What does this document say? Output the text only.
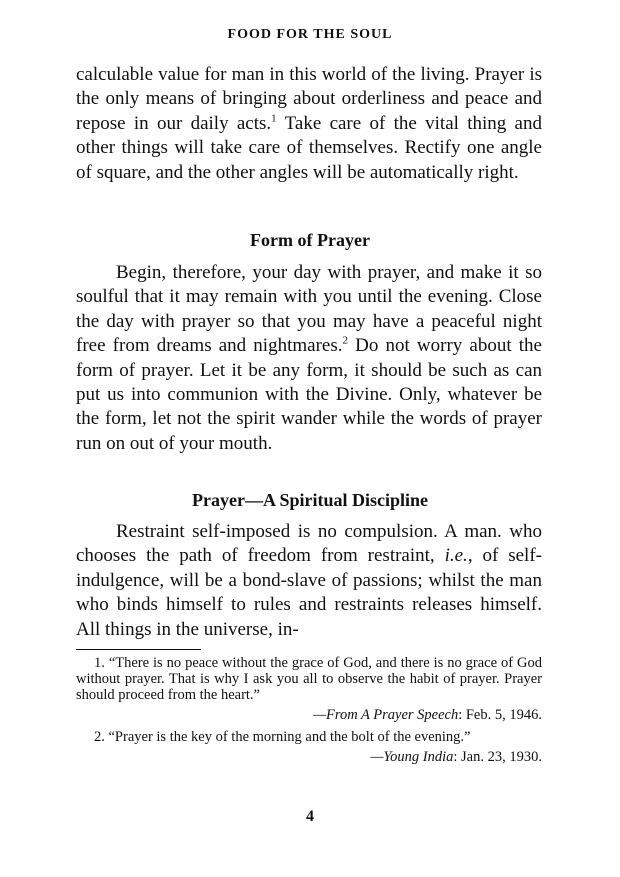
FOOD FOR THE SOUL

calculable value for man in this world of the living. Prayer is the only means of bringing about orderliness and peace and repose in our daily acts.$^1$ Take care of the vital thing and other things will take care of themselves. Rectify one angle of square, and the other angles will be automatically right.

Form of Prayer

Begin, therefore, your day with prayer, and make it so soulful that it may remain with you until the evening. Close the day with prayer so that you may have a peaceful night free from dreams and nightmares.$^2$ Do not worry about the form of prayer. Let it be any form, it should be such as can put us into communion with the Divine. Only, whatever be the form, let not the spirit wander while the words of prayer run on out of your mouth.

Prayer—A Spiritual Discipline

Restraint self-imposed is no compulsion. A man. who chooses the path of freedom from restraint, i.e., of self-indulgence, will be a bond-slave of passions; whilst the man who binds himself to rules and restraints releases himself. All things in the universe, in-

1. “There is no peace without the grace of God, and there is no grace of God without prayer. That is why I ask you all to observe the habit of prayer. Prayer should proceed from the heart.”

—From A Prayer Speech: Feb. 5, 1946.

2. “Prayer is the key of the morning and the bolt of the evening.”

—Young India: Jan. 23, 1930.

4
